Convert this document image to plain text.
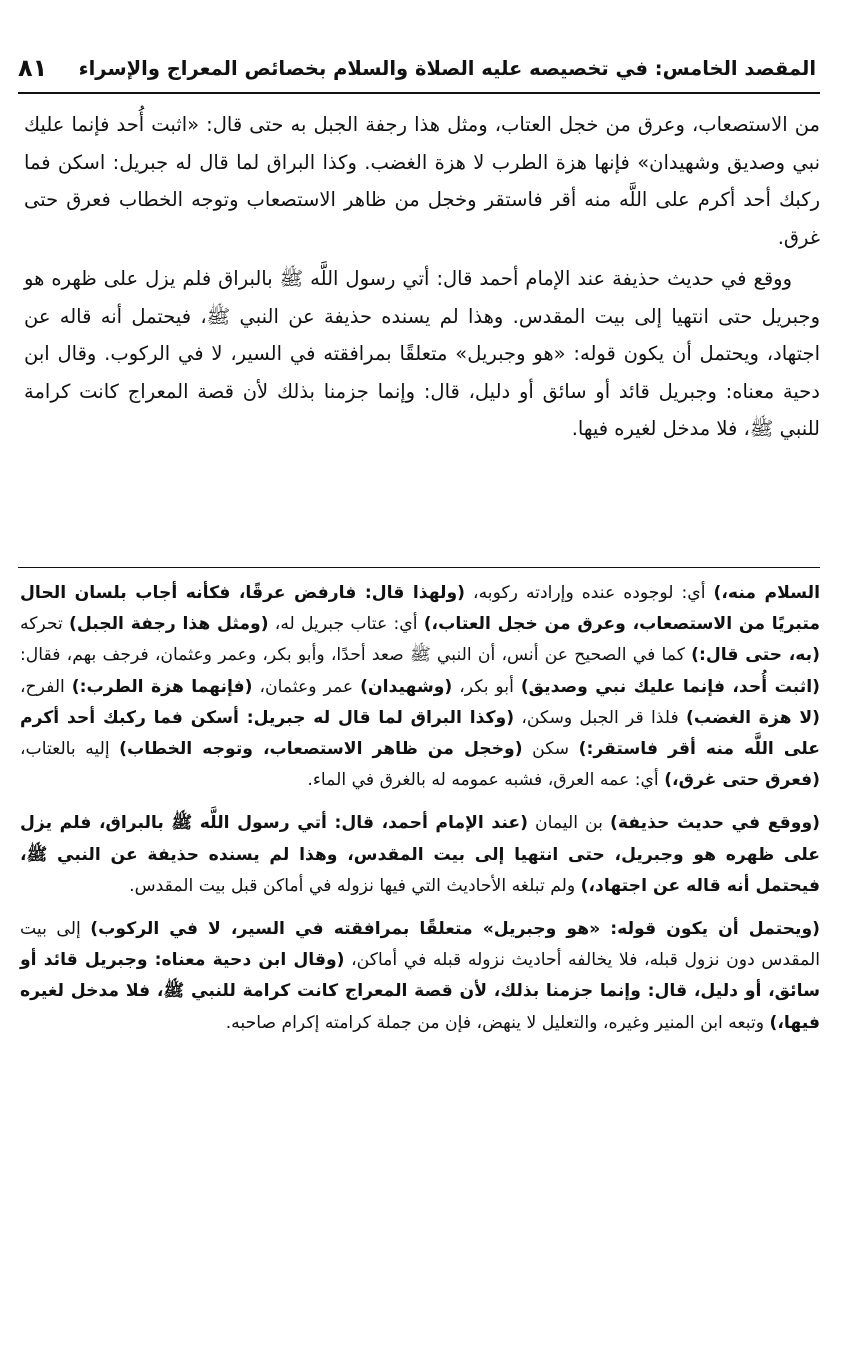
المقصد الخامس: في تخصيصه عليه الصلاة والسلام بخصائص المعراج والإسراء
٨١

من الاستصعاب، وعرق من خجل العتاب، ومثل هذا رجفة الجبل به حتى قال: «اثبت أُحد فإنما عليك نبي وصديق وشهيدان» فإنها هزة الطرب لا هزة الغضب. وكذا البراق لما قال له جبريل: اسكن فما ركبك أحد أكرم على اللَّه منه أقر فاستقر وخجل من ظاهر الاستصعاب وتوجه الخطاب فعرق حتى غرق.

ووقع في حديث حذيفة عند الإمام أحمد قال: أتي رسول اللَّه ﷺ بالبراق فلم يزل على ظهره هو وجبريل حتى انتهيا إلى بيت المقدس. وهذا لم يسنده حذيفة عن النبي ﷺ، فيحتمل أنه قاله عن اجتهاد، ويحتمل أن يكون قوله: «هو وجبريل» متعلقًا بمرافقته في السير، لا في الركوب. وقال ابن دحية معناه: وجبريل قائد أو سائق أو دليل، قال: وإنما جزمنا بذلك لأن قصة المعراج كانت كرامة للنبي ﷺ، فلا مدخل لغيره فيها.

السلام منه،) أي: لوجوده عنده وإرادته ركوبه، (ولهذا قال: فارفض عرقًا، فكأنه أجاب بلسان الحال متبريًا من الاستصعاب، وعرق من خجل العتاب،) أي: عتاب جبريل له، (ومثل هذا رجفة الجبل) تحركه (به، حتى قال:) كما في الصحيح عن أنس، أن النبي ﷺ صعد أحدًا، وأبو بكر، وعمر وعثمان، فرجف بهم، فقال: (اثبت أُحد، فإنما عليك نبي وصديق) أبو بكر، (وشهيدان) عمر وعثمان، (فإنهما هزة الطرب:) الفرح، (لا هزة الغضب) فلذا قر الجبل وسكن، (وكذا البراق لما قال له جبريل: أسكن فما ركبك أحد أكرم على اللَّه منه أقر فاستقر:) سكن (وخجل من ظاهر الاستصعاب، وتوجه الخطاب) إليه بالعتاب، (فعرق حتى غرق،) أي: عمه العرق، فشبه عمومه له بالغرق في الماء.

(ووقع في حديث حذيفة) بن اليمان (عند الإمام أحمد، قال: أتي رسول اللَّه ﷺ بالبراق، فلم يزل على ظهره هو وجبريل، حتى انتهيا إلى بيت المقدس، وهذا لم يسنده حذيفة عن النبي ﷺ، فيحتمل أنه قاله عن اجتهاد،) ولم تبلغه الأحاديث التي فيها نزوله في أماكن قبل بيت المقدس.

(ويحتمل أن يكون قوله: «هو وجبريل» متعلقًا بمرافقته في السير، لا في الركوب) إلى بيت المقدس دون نزول قبله، فلا يخالفه أحاديث نزوله قبله في أماكن، (وقال ابن دحية معناه: وجبريل قائد أو سائق، أو دليل، قال: وإنما جزمنا بذلك، لأن قصة المعراج كانت كرامة للنبي ﷺ، فلا مدخل لغيره فيها،) وتبعه ابن المنير وغيره، والتعليل لا ينهض، فإن من جملة كرامته إكرام صاحبه.
